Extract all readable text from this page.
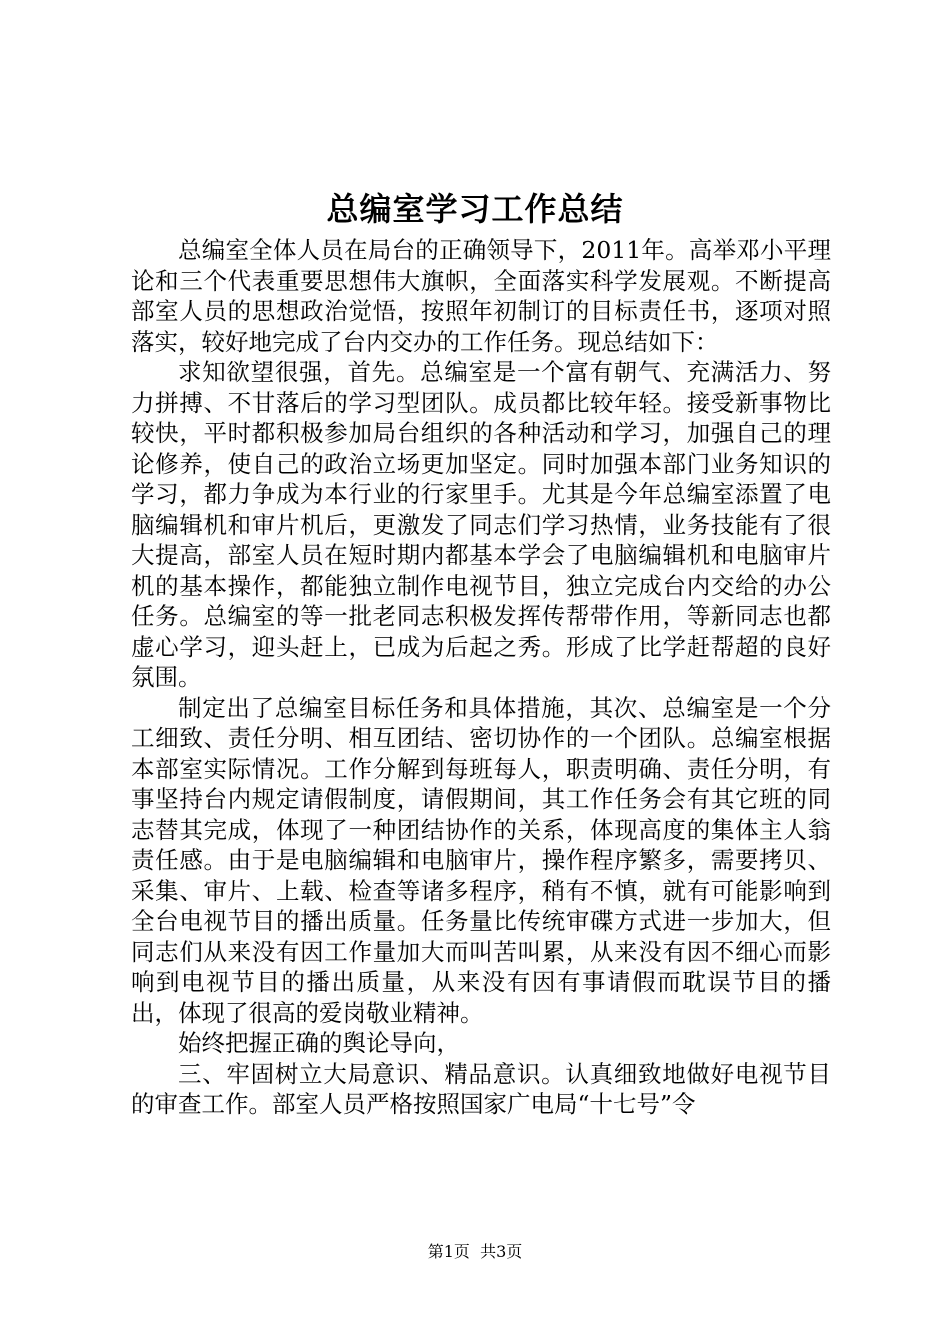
总编室学习工作总结

总编室全体人员在局台的正确领导下，2011年。高举邓小平理论和三个代表重要思想伟大旗帜，全面落实科学发展观。不断提高部室人员的思想政治觉悟，按照年初制订的目标责任书，逐项对照落实，较好地完成了台内交办的工作任务。现总结如下：

求知欲望很强，首先。总编室是一个富有朝气、充满活力、努力拼搏、不甘落后的学习型团队。成员都比较年轻。接受新事物比较快，平时都积极参加局台组织的各种活动和学习，加强自己的理论修养，使自己的政治立场更加坚定。同时加强本部门业务知识的学习，都力争成为本行业的行家里手。尤其是今年总编室添置了电脑编辑机和审片机后，更激发了同志们学习热情，业务技能有了很大提高，部室人员在短时期内都基本学会了电脑编辑机和电脑审片机的基本操作，都能独立制作电视节目，独立完成台内交给的办公任务。总编室的等一批老同志积极发挥传帮带作用，等新同志也都虚心学习，迎头赶上，已成为后起之秀。形成了比学赶帮超的良好氛围。

制定出了总编室目标任务和具体措施，其次、总编室是一个分工细致、责任分明、相互团结、密切协作的一个团队。总编室根据本部室实际情况。工作分解到每班每人，职责明确、责任分明，有事坚持台内规定请假制度，请假期间，其工作任务会有其它班的同志替其完成，体现了一种团结协作的关系，体现高度的集体主人翁责任感。由于是电脑编辑和电脑审片，操作程序繁多，需要拷贝、采集、审片、上载、检查等诸多程序，稍有不慎，就有可能影响到全台电视节目的播出质量。任务量比传统审碟方式进一步加大，但同志们从来没有因工作量加大而叫苦叫累，从来没有因不细心而影响到电视节目的播出质量，从来没有因有事请假而耽误节目的播出，体现了很高的爱岗敬业精神。

始终把握正确的舆论导向，

三、牢固树立大局意识、精品意识。认真细致地做好电视节目的审查工作。部室人员严格按照国家广电局“十七号”令

第1页 共3页
